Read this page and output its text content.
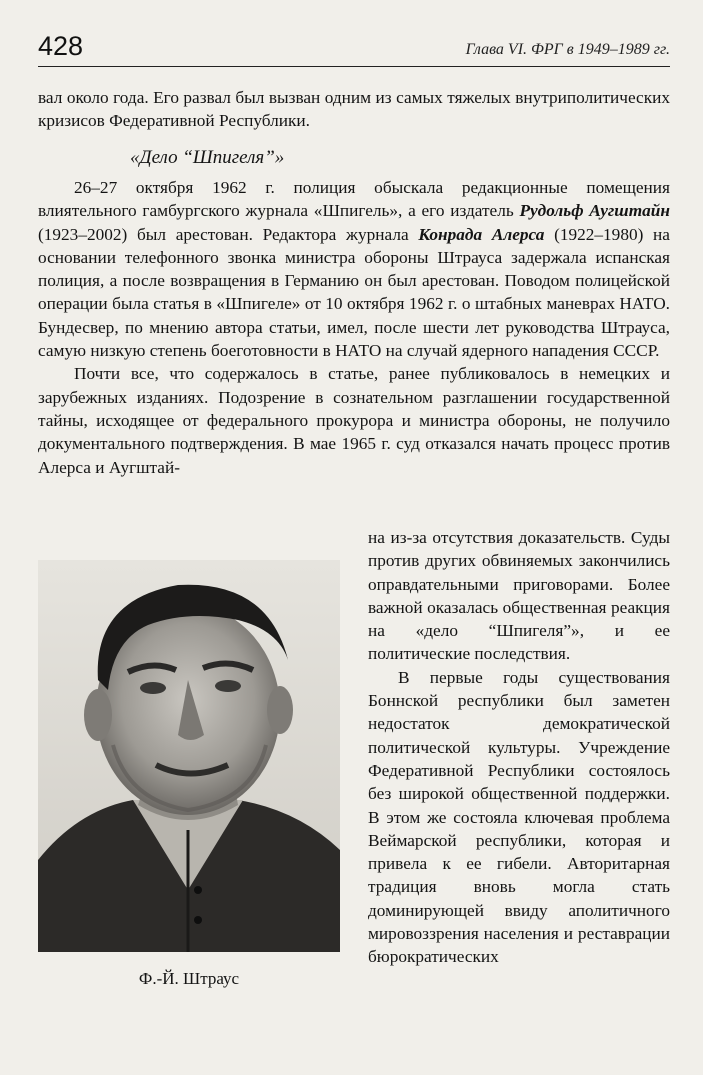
428	Глава VI. ФРГ в 1949–1989 гг.

вал около года. Его развал был вызван одним из самых тяжелых внутриполитических кризисов Федеративной Республики.

«Дело “Шпигеля”»

26–27 октября 1962 г. полиция обыскала редакционные помещения влиятельного гамбургского журнала «Шпигель», а его издатель Рудольф Аугштайн (1923–2002) был арестован. Редактора журнала Конрада Алерса (1922–1980) на основании телефонного звонка министра обороны Штрауса задержала испанская полиция, а после возвращения в Германию он был арестован. Поводом полицейской операции была статья в «Шпигеле» от 10 октября 1962 г. о штабных маневрах НАТО. Бундесвер, по мнению автора статьи, имел, после шести лет руководства Штрауса, самую низкую степень боеготовности в НАТО на случай ядерного нападения СССР.

Почти все, что содержалось в статье, ранее публиковалось в немецких и зарубежных изданиях. Подозрение в сознательном разглашении государственной тайны, исходящее от федерального прокурора и министра обороны, не получило документального подтверждения. В мае 1965 г. суд отказался начать процесс против Алерса и Аугштай-

на из-за отсутствия доказательств. Суды против других обвиняемых закончились оправдательными приговорами. Более важной оказалась общественная реакция на «дело “Шпигеля”», и ее политические последствия.

В первые годы существования Боннской республики был заметен недостаток демократической политической культуры. Учреждение Федеративной Республики состоялось без широкой общественной поддержки. В этом же состояла ключевая проблема Веймарской республики, которая и привела к ее гибели. Авторитарная традиция вновь могла стать доминирующей ввиду аполитичного мировоззрения населения и реставрации бюрократических

Ф.-Й. Штраус
